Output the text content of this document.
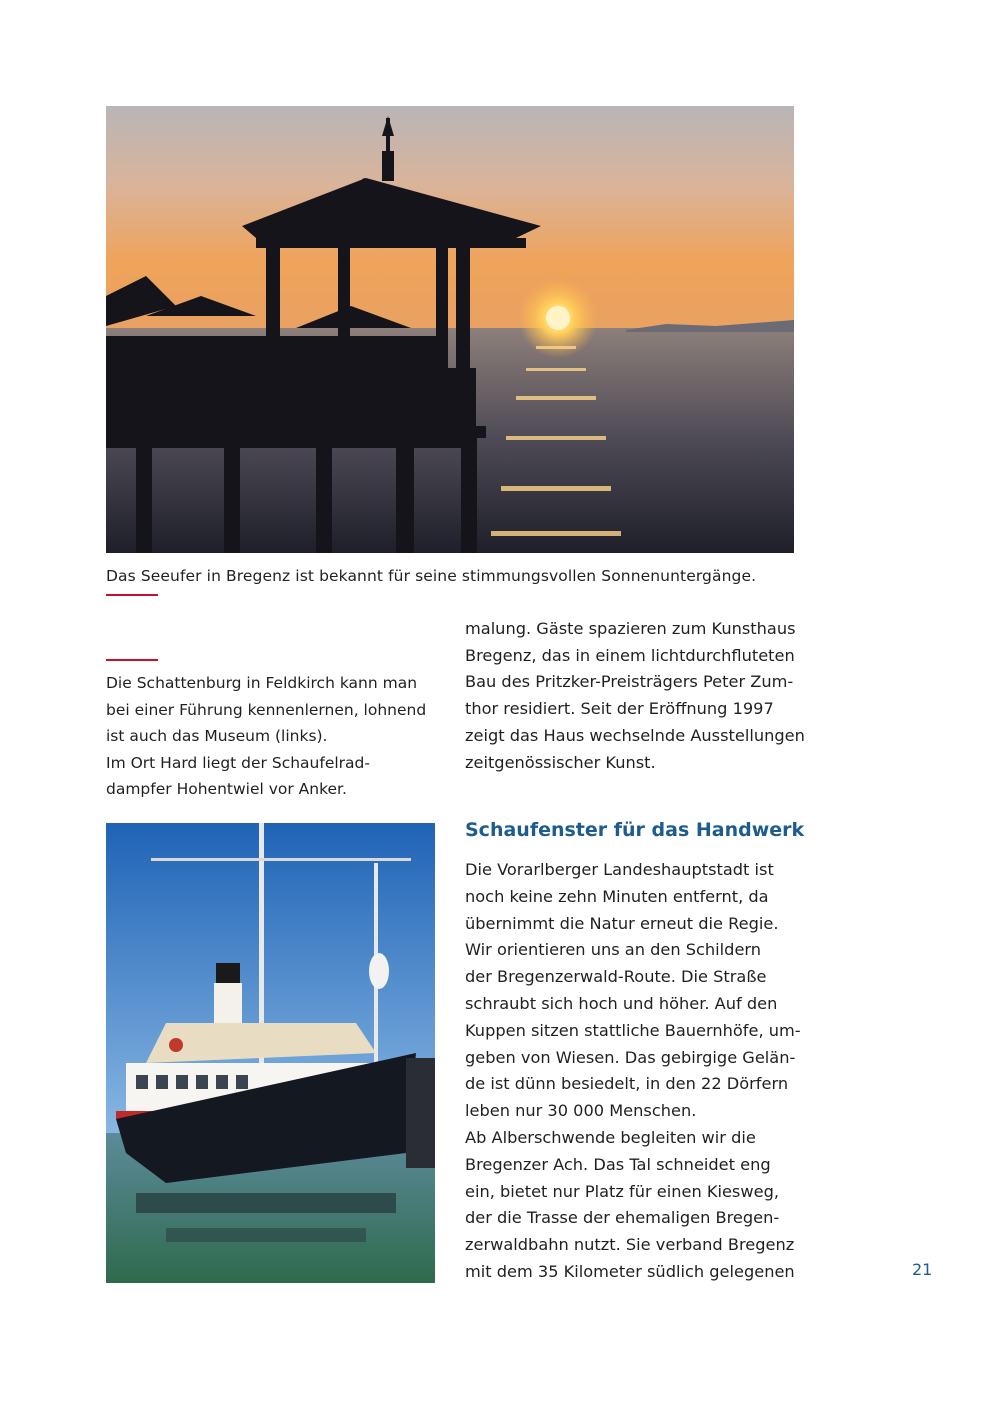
Das Seeufer in Bregenz ist bekannt für seine stimmungsvollen Sonnenuntergänge.

Die Schattenburg in Feldkirch kann man

bei einer Führung kennenlernen, lohnend

ist auch das Museum (links).

Im Ort Hard liegt der Schaufelrad-

dampfer Hohentwiel vor Anker.

malung. Gäste spazieren zum Kunsthaus

Bregenz, das in einem lichtdurchfluteten

Bau des Pritzker-Preisträgers Peter Zum-

thor residiert. Seit der Eröffnung 1997

zeigt das Haus wechselnde Ausstellungen

zeitgenössischer Kunst.

Schaufenster für das Handwerk

Die Vorarlberger Landeshauptstadt ist

noch keine zehn Minuten entfernt, da

übernimmt die Natur erneut die Regie.

Wir orientieren uns an den Schildern

der Bregenzerwald-Route. Die Straße

schraubt sich hoch und höher. Auf den

Kuppen sitzen stattliche Bauernhöfe, um-

geben von Wiesen. Das gebirgige Gelän-

de ist dünn besiedelt, in den 22 Dörfern

leben nur 30 000 Menschen.

Ab Alberschwende begleiten wir die

Bregenzer Ach. Das Tal schneidet eng

ein, bietet nur Platz für einen Kiesweg,

der die Trasse der ehemaligen Bregen-

zerwaldbahn nutzt. Sie verband Bregenz

mit dem 35 Kilometer südlich gelegenen	21
